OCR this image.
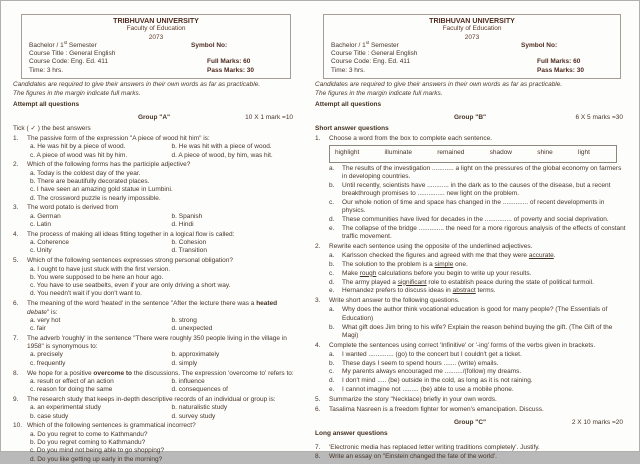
TRIBHUVAN UNIVERSITY
Faculty of Education
2073
Bachelor / 1st Semester	Symbol No:
Course Title : General English
Course Code: Eng. Ed. 411	Full Marks: 60
Time: 3 hrs.	Pass Marks: 30
Candidates are required to give their answers in their own words as far as practicable.
The figures in the margin indicate full marks.
Attempt all questions
Group "A"	10 X 1 mark =10
Tick ( ✓ ) the best answers
1.	The passive form of the expression "A piece of wood hit him" is:
a. He was hit by a piece of wood.	b. He was hit with a piece of wood.
c. A piece of wood was hit by him.	d. A piece of wood, by him, was hit.
2.	Which of the following forms has the participle adjective?
a. Today is the coldest day of the year.
b. There are beautifully decorated places.
c. I have seen an amazing gold statue in Lumbini.
d. The crossword puzzle is nearly impossible.
3.	The word potato is derived from
a. German	b. Spanish
c. Latin	d. Hindi
4.	The process of making all ideas fitting together in a logical flow is called:
a. Coherence	b. Cohesion
c. Unity	d. Transition
5.	Which of the following sentences expresses strong personal obligation?
a. I ought to have just stuck with the first version.
b. You were supposed to be here an hour ago.
c. You have to use seatbelts, even if your are only driving a short way.
d. You needn't wait if you don't want to.
6.	The meaning of the word 'heated' in the sentence "After the lecture there was a heated debate" is:
a. very hot	b. strong
c. fair	d. unexpected
7.	The adverb 'roughly' in the sentence "There were roughly 350 people living in the village in 1958" is synonymous to:
a. precisely	b. approximately
c. frequently	d. simply
8.	We hope for a positive overcome to the discussions. The expression 'overcome to' refers to:
a. result or effect of an action	b. influence
c. reason for doing the same	d. consequences of
9.	The research study that keeps in-depth descriptive records of an individual or group is:
a. an experimental study	b. naturalistic study
b. case study	d. survey study
10. Which of the following sentences is grammatical incorrect?
a. Do you regret to come to Kathmandu?
b. Do you regret coming to Kathmandu?
c. Do you mind not being able to go shopping?
d. Do you like getting up early in the morning?
TRIBHUVAN UNIVERSITY
Faculty of Education
2073
Bachelor / 1st Semester	Symbol No:
Course Title : General English
Course Code: Eng. Ed. 411	Full Marks: 60
Time: 3 hrs.	Pass Marks: 30
Candidates are required to give their answers in their own words as far as practicable.
The figures in the margin indicate full marks.
Attempt all questions
Group "B"	6 X 5 marks =30
Short answer questions
1.	Choose a word from the box to complete each sentence.
highlight	illuminate	remained	shadow	shine	light
a.	The results of the investigation ............ a light on the pressures of the global economy on farmers in developing countries.
b.	Until recently, scientists have ............ in the dark as to the causes of the disease, but a recent breakthrough promises to ............... new light on the problem.
c.	Our whole notion of time and space has changed in the .............. of recent developments in physics.
d.	These communities have lived for decades in the ............... of poverty and social deprivation.
e.	The collapse of the bridge .............. the need for a more rigorous analysis of the effects of constant traffic movement.
2.	Rewrite each sentence using the opposite of the underlined adjectives.
a.	Karlsson checked the figures and agreed with me that they were accurate.
b.	The solution to the problem is a simple one.
c.	Make rough calculations before you begin to write up your results.
d.	The army played a significant role to establish peace during the state of political turmoil.
e.	Hernandez prefers to discuss ideas in abstract terms.
3.	Write short answer to the following questions.
a.	Why does the author think vocational education is good for many people? (The Essentials of Education)
b.	What gift does Jim bring to his wife? Explain the reason behind buying the gift. (The Gift of the Magi)
4.	Complete the sentences using correct 'Infinitive' or '-ing' forms of the verbs given in brackets.
a.	I wanted .............. (go) to the concert but I couldn't get a ticket.
b.	These days I seem to spend hours ....... (write) emails.
c.	My parents always encouraged me ........../(follow) my dreams.
d.	I don't mind ..... (be) outside in the cold, as long as it is not raining.
e.	I cannot imagine not ......... (be) able to use a mobile phone.
5.	Summarize the story "Necklace) briefly in your own words.
6.	Tasalima Nasreen is a freedom fighter for women's emancipation. Discuss.
Group "C"	2 X 10 marks =20
Long answer questions
7.	'Electronic media has replaced letter writing traditions completely'. Justify.
8.	Write an essay on "Einstein changed the fate of the world'.
